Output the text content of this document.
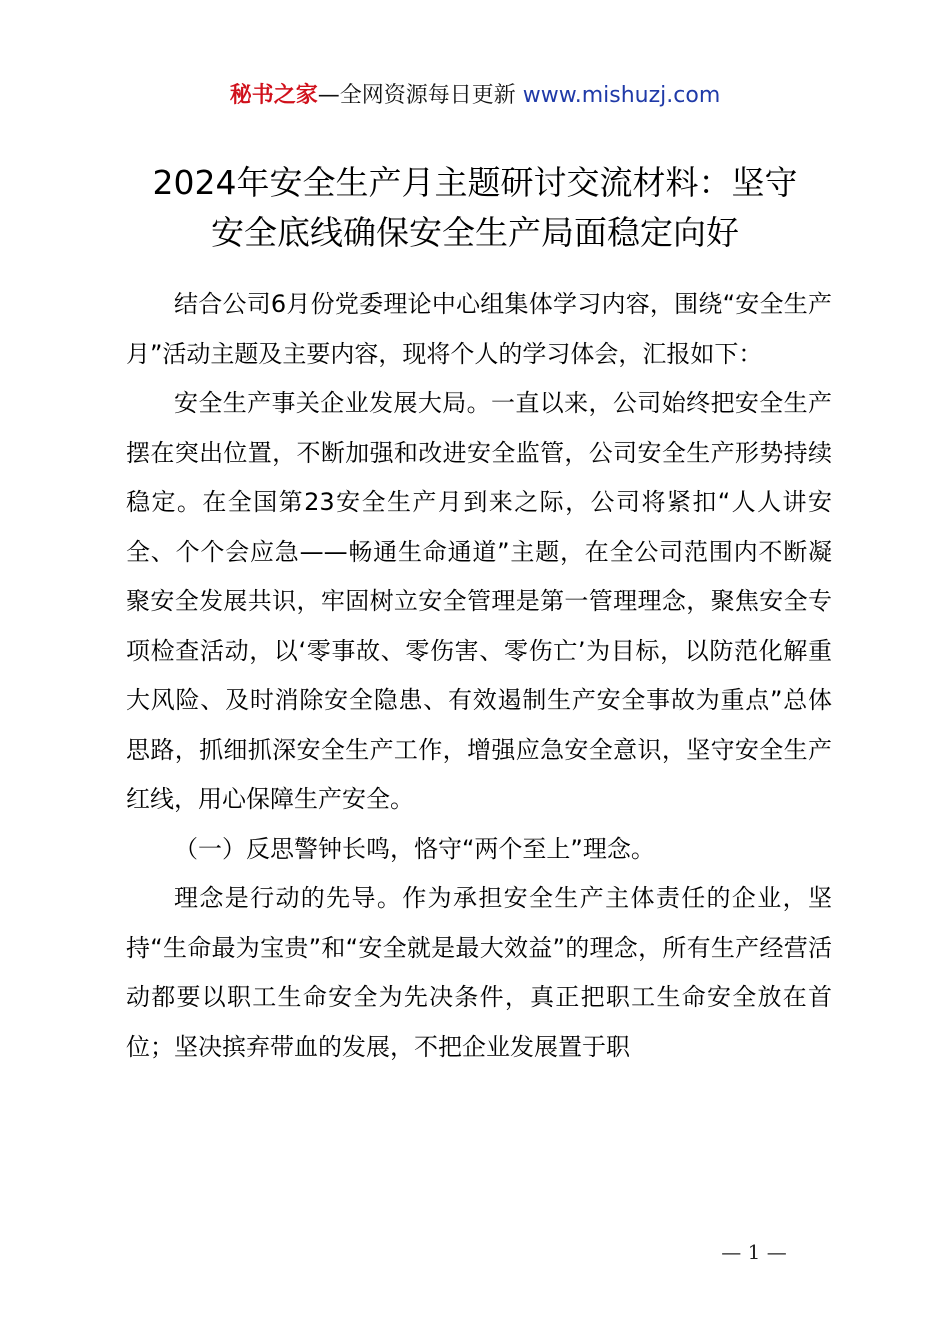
秘书之家—全网资源每日更新 www.mishuzj.com
2024年安全生产月主题研讨交流材料：坚守
安全底线确保安全生产局面稳定向好

结合公司6月份党委理论中心组集体学习内容，围绕“安全生产月”活动主题及主要内容，现将个人的学习体会，汇报如下：

安全生产事关企业发展大局。一直以来，公司始终把安全生产摆在突出位置，不断加强和改进安全监管，公司安全生产形势持续稳定。在全国第23安全生产月到来之际，公司将紧扣“人人讲安全、个个会应急——畅通生命通道”主题，在全公司范围内不断凝聚安全发展共识，牢固树立安全管理是第一管理理念，聚焦安全专项检查活动，以‘零事故、零伤害、零伤亡’为目标，以防范化解重大风险、及时消除安全隐患、有效遏制生产安全事故为重点”总体思路，抓细抓深安全生产工作，增强应急安全意识，坚守安全生产红线，用心保障生产安全。

（一）反思警钟长鸣，恪守“两个至上”理念。

理念是行动的先导。作为承担安全生产主体责任的企业，坚持“生命最为宝贵”和“安全就是最大效益”的理念，所有生产经营活动都要以职工生命安全为先决条件，真正把职工生命安全放在首位；坚决摈弃带血的发展，不把企业发展置于职

— 1 —
